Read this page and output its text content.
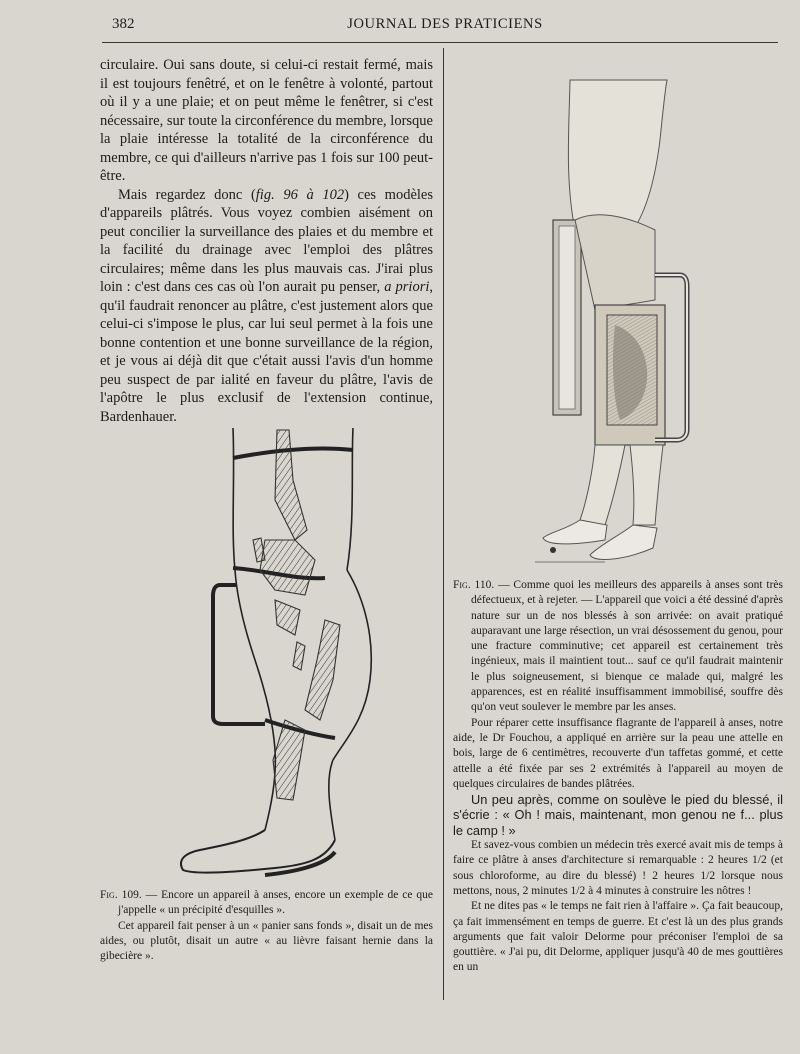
382	JOURNAL DES PRATICIENS

circulaire. Oui sans doute, si celui-ci restait fermé, mais il est toujours fenêtré, et on le fenêtre à volonté, partout où il y a une plaie; et on peut même le fenêtrer, si c'est nécessaire, sur toute la circonférence du membre, lorsque la plaie intéresse la totalité de la circonférence du membre, ce qui d'ailleurs n'arrive pas 1 fois sur 100 peut-être.

Mais regardez donc (fig. 96 à 102) ces modèles d'appareils plâtrés. Vous voyez combien aisément on peut concilier la surveillance des plaies et du membre et la facilité du drainage avec l'emploi des plâtres circulaires; même dans les plus mauvais cas. J'irai plus loin : c'est dans ces cas où l'on aurait pu penser, a priori, qu'il faudrait renoncer au plâtre, c'est justement alors que celui-ci s'impose le plus, car lui seul permet à la fois une bonne contention et une bonne surveillance de la région, et je vous ai déjà dit que c'était aussi l'avis d'un homme peu suspect de par ialité en faveur du plâtre, l'avis de l'apôtre le plus exclusif de l'extension continue, Bardenhauer.

Fig. 109. — Encore un appareil à anses, encore un exemple de ce que j'appelle « un précipité d'esquilles ».

Cet appareil fait penser à un « panier sans fonds », disait un de mes aides, ou plutôt, disait un autre « au lièvre faisant hernie dans la gibecière ».

Fig. 110. — Comme quoi les meilleurs des appareils à anses sont très défectueux, et à rejeter. — L'appareil que voici a été dessiné d'après nature sur un de nos blessés à son arrivée: on avait pratiqué auparavant une large résection, un vrai désossement du genou, pour une fracture comminutive; cet appareil est certainement très ingénieux, mais il maintient tout... sauf ce qu'il faudrait maintenir le plus soigneusement, si bienque ce malade qui, malgré les apparences, est en réalité insuffisamment immobilisé, souffre dès qu'on veut soulever le membre par les anses.

Pour réparer cette insuffisance flagrante de l'appareil à anses, notre aide, le Dr Fouchou, a appliqué en arrière sur la peau une attelle en bois, large de 6 centimètres, recouverte d'un taffetas gommé, et cette attelle a été fixée par ses 2 extrémités à l'appareil au moyen de quelques circulaires de bandes plâtrées.

Un peu après, comme on soulève le pied du blessé, il s'écrie : « Oh ! mais, maintenant, mon genou ne f... plus le camp ! »

Et savez-vous combien un médecin très exercé avait mis de temps à faire ce plâtre à anses d'architecture si remarquable : 2 heures 1/2 (et sous chloroforme, au dire du blessé) ! 2 heures 1/2 lorsque nous mettons, nous, 2 minutes 1/2 à 4 minutes à construire les nôtres !

Et ne dites pas « le temps ne fait rien à l'affaire ». Ça fait beaucoup, ça fait immensément en temps de guerre. Et c'est là un des plus grands arguments que fait valoir Delorme pour préconiser l'emploi de sa gouttière. « J'ai pu, dit Delorme, appliquer jusqu'à 40 de mes gouttières en un
